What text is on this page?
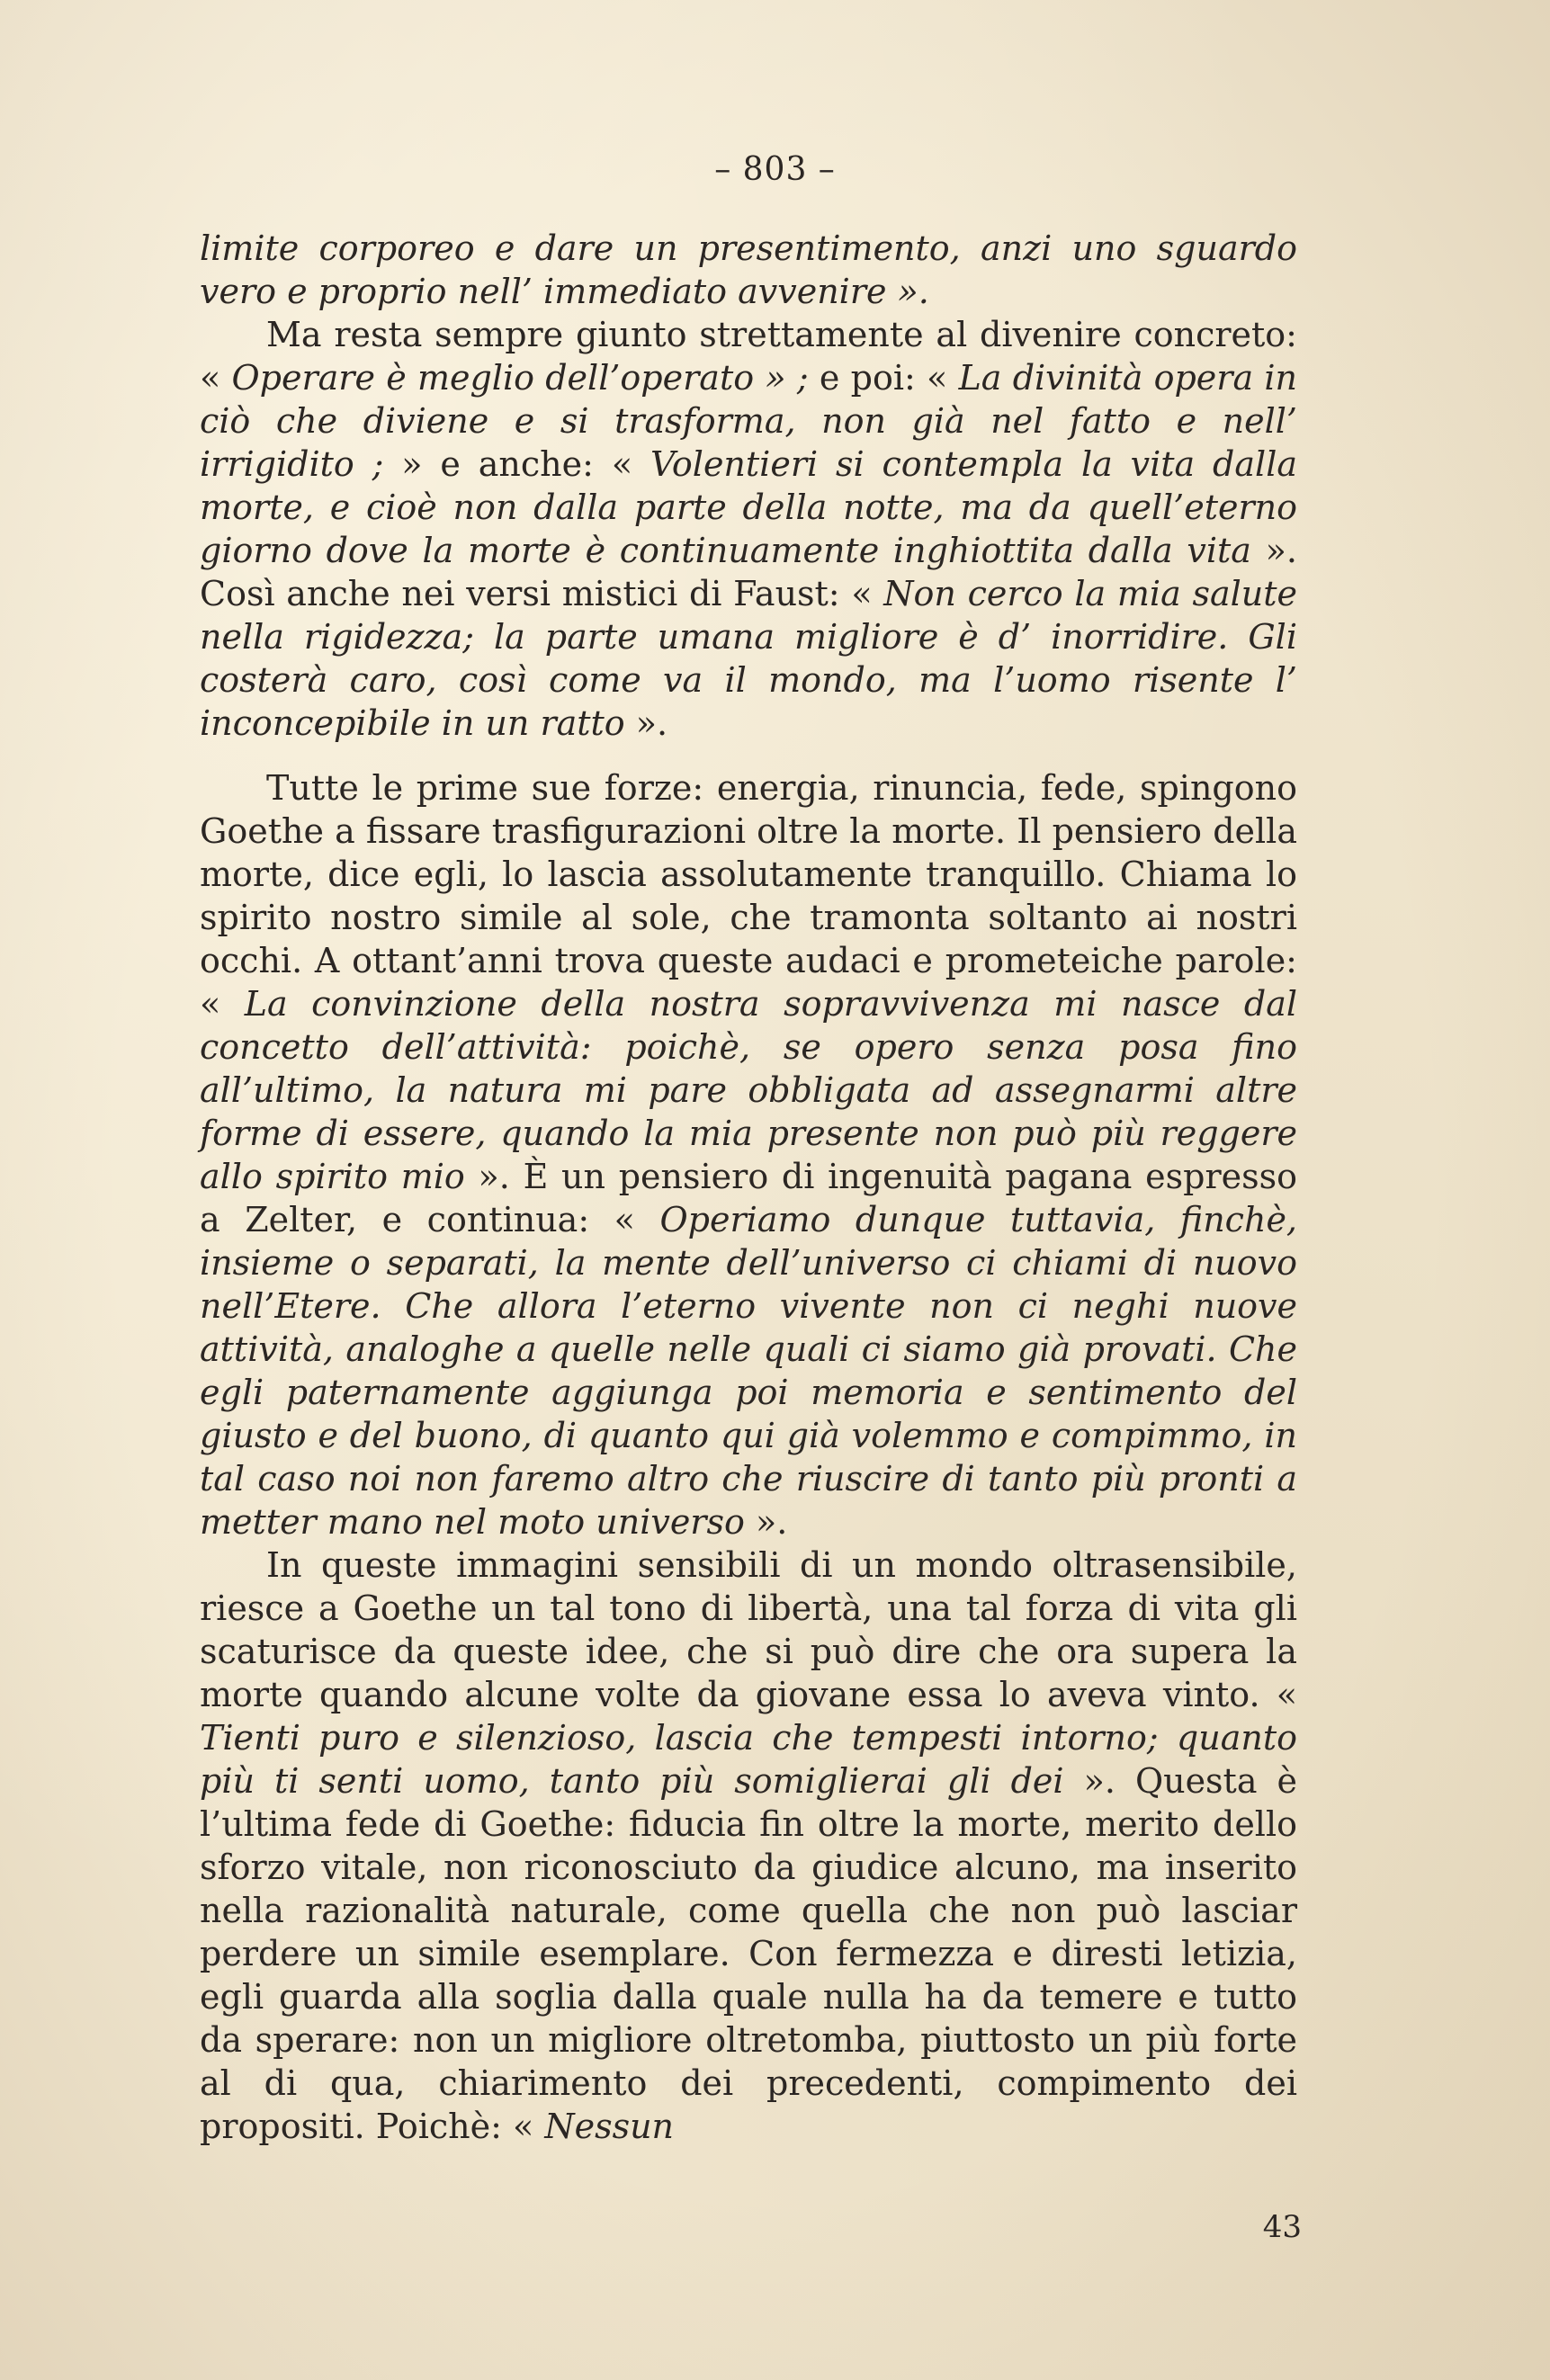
– 803 –

limite corporeo e dare un presentimento, anzi uno sguardo vero e proprio nell’ immediato avvenire ».

Ma resta sempre giunto strettamente al divenire concreto: « Operare è meglio dell’operato » ; e poi: « La divinità opera in ciò che diviene e si trasforma, non già nel fatto e nell’ irrigidito ; » e anche: « Volentieri si contempla la vita dalla morte, e cioè non dalla parte della notte, ma da quell’eterno giorno dove la morte è continuamente inghiottita dalla vita ». Così anche nei versi mistici di Faust: « Non cerco la mia salute nella rigidezza; la parte umana migliore è d’ inorridire. Gli costerà caro, così come va il mondo, ma l’uomo risente l’ inconcepibile in un ratto ».

Tutte le prime sue forze: energia, rinuncia, fede, spingono Goethe a fissare trasfigurazioni oltre la morte. Il pensiero della morte, dice egli, lo lascia assolutamente tranquillo. Chiama lo spirito nostro simile al sole, che tramonta soltanto ai nostri occhi. A ottant’anni trova queste audaci e prometeiche parole: « La convinzione della nostra sopravvivenza mi nasce dal concetto dell’attività: poichè, se opero senza posa fino all’ultimo, la natura mi pare obbligata ad assegnarmi altre forme di essere, quando la mia presente non può più reggere allo spirito mio ». È un pensiero di ingenuità pagana espresso a Zelter, e continua: « Operiamo dunque tuttavia, finchè, insieme o separati, la mente dell’universo ci chiami di nuovo nell’Etere. Che allora l’eterno vivente non ci neghi nuove attività, analoghe a quelle nelle quali ci siamo già provati. Che egli paternamente aggiunga poi memoria e sentimento del giusto e del buono, di quanto qui già volemmo e compimmo, in tal caso noi non faremo altro che riuscire di tanto più pronti a metter mano nel moto universo ».

In queste immagini sensibili di un mondo oltrasensibile, riesce a Goethe un tal tono di libertà, una tal forza di vita gli scaturisce da queste idee, che si può dire che ora supera la morte quando alcune volte da giovane essa lo aveva vinto. « Tienti puro e silenzioso, lascia che tempesti intorno; quanto più ti senti uomo, tanto più somiglierai gli dei ». Questa è l’ultima fede di Goethe: fiducia fin oltre la morte, merito dello sforzo vitale, non riconosciuto da giudice alcuno, ma inserito nella razionalità naturale, come quella che non può lasciar perdere un simile esemplare. Con fermezza e diresti letizia, egli guarda alla soglia dalla quale nulla ha da temere e tutto da sperare: non un migliore oltretomba, piuttosto un più forte al di qua, chiarimento dei precedenti, compimento dei propositi. Poichè: « Nessun

43
